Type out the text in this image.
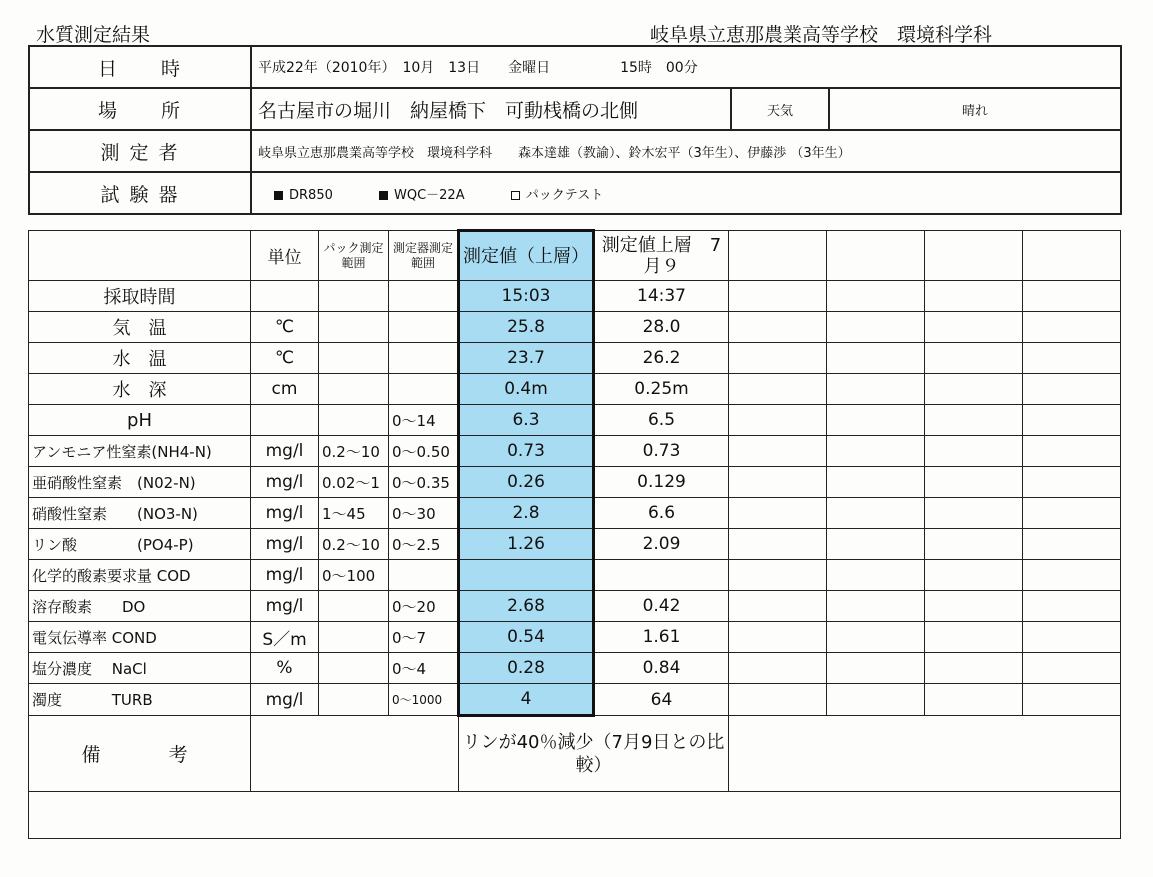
水質測定結果	岐阜県立恵那農業高等学校　環境科学科
日　　時	平成22年（2010年）　10月　13日　　金曜日　　　　　15時　00分		
場　　所	名古屋市の堀川　納屋橋下　可動桟橋の北側	天気	晴れ
測 定 者	岐阜県立恵那農業高等学校　環境科学科　　森本達雄（教諭）、鈴木宏平（3年生）、伊藤渉 （3年生）		
試 験 器	DR850 WQC－22A パックテスト		
	単位	パック測定範囲	測定器測定範囲	測定値（上層）	測定値上層　7月９				
採取時間				15:03	14:37				
気　温	℃			25.8	28.0				
水　温	℃			23.7	26.2				
水　深	cm			0.4m	0.25m				
pH			0～14	6.3	6.5				
アンモニア性窒素(NH4-N)	mg/l	0.2～10	0～0.50	0.73	0.73				
亜硝酸性窒素　(N02-N)	mg/l	0.02～1	0～0.35	0.26	0.129				
硝酸性窒素　　(NO3-N)	mg/l	1～45	0～30	2.8	6.6				
リン酸　　　　(PO4-P)	mg/l	0.2～10	0～2.5	1.26	2.09				
化学的酸素要求量 COD	mg/l	0～100							
溶存酸素　　DO	mg/l		0～20	2.68	0.42				
電気伝導率 COND	S／m		0～7	0.54	1.61				
塩分濃度　 NaCl	%		0～4	0.28	0.84				
濁度　　　 TURB	mg/l		0～1000	4	64				
備　　考				リンが40％減少（7月9日との比較）					
